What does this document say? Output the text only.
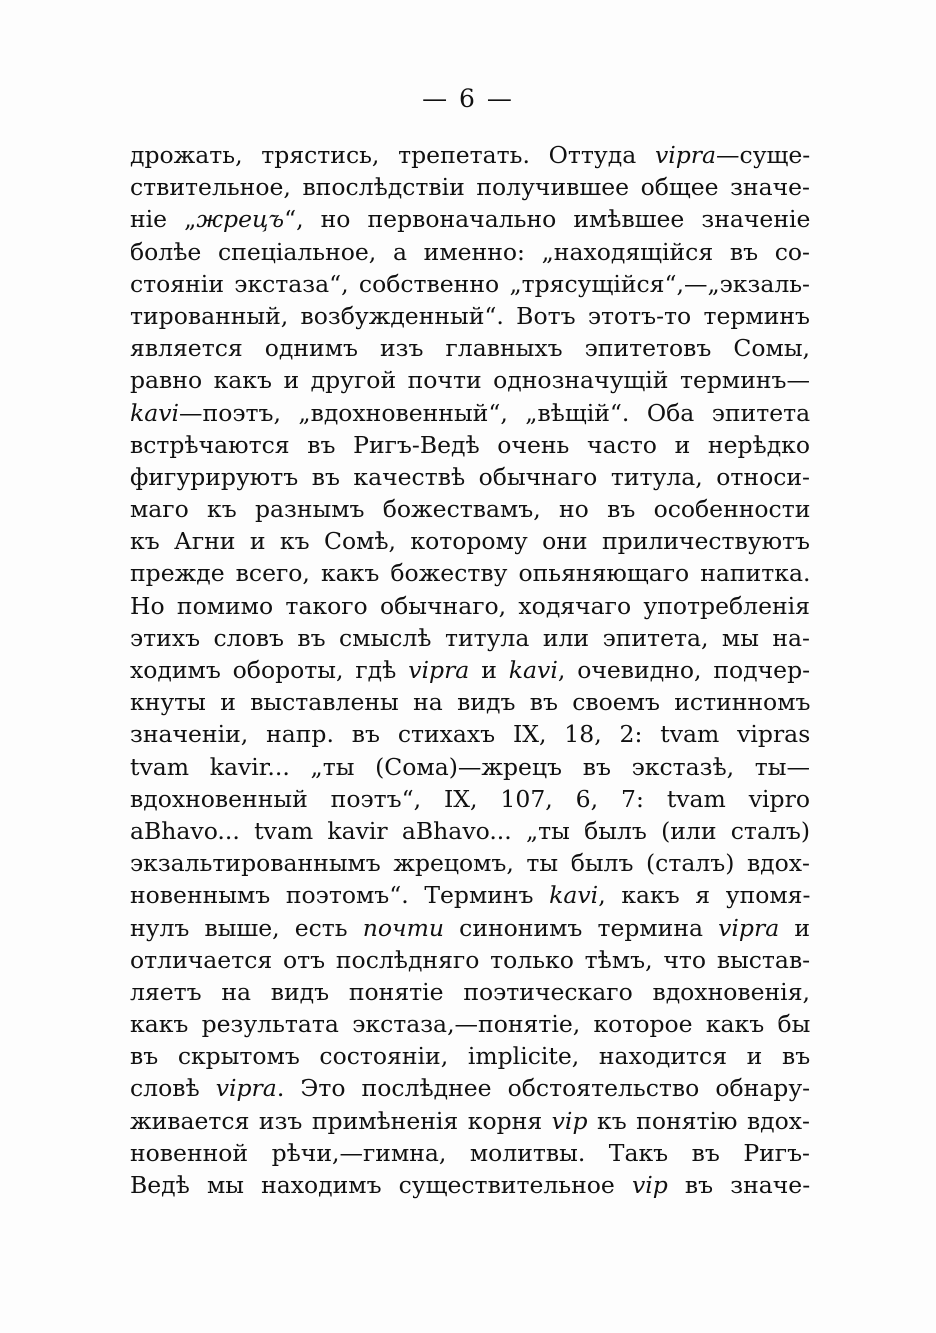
— 6 —
дрожать, трястись, трепетать. Оттуда vipra—суще-
ствительное, впослѣдствіи получившее общее значе-
ніе „жрецъ“, но первоначально имѣвшее значеніе
болѣе спеціальное, а именно: „находящійся въ со-
стояніи экстаза“, собственно „трясущійся“,—„экзаль-
тированный, возбужденный“. Вотъ этотъ-то терминъ
является однимъ изъ главныхъ эпитетовъ Сомы,
равно какъ и другой почти однозначущій терминъ—
kavi—поэтъ, „вдохновенный“, „вѣщій“. Оба эпитета
встрѣчаются въ Ригъ-Ведѣ очень часто и нерѣдко
фигурируютъ въ качествѣ обычнаго титула, относи-
маго къ разнымъ божествамъ, но въ особенности
къ Агни и къ Сомѣ, которому они приличествуютъ
прежде всего, какъ божеству опьяняющаго напитка.
Но помимо такого обычнаго, ходячаго употребленія
этихъ словъ въ смыслѣ титула или эпитета, мы на-
ходимъ обороты, гдѣ vipra и kavi, очевидно, подчер-
кнуты и выставлены на видъ въ своемъ истинномъ
значеніи, напр. въ стихахъ IX, 18, 2: tvam vipras
tvam kavir... „ты (Сома)—жрецъ въ экстазѣ, ты—
вдохновенный поэтъ“, IX, 107, 6, 7: tvam vipro
aВhavo... tvam kavir aВhavo... „ты былъ (или сталъ)
экзальтированнымъ жрецомъ, ты былъ (сталъ) вдох-
новеннымъ поэтомъ“. Терминъ kavi, какъ я упомя-
нулъ выше, есть почти синонимъ термина vipra и
отличается отъ послѣдняго только тѣмъ, что выстав-
ляетъ на видъ понятіе поэтическаго вдохновенія,
какъ результата экстаза,—понятіе, которое какъ бы
въ скрытомъ состояніи, implicite, находится и въ
словѣ vipra. Это послѣднее обстоятельство обнару-
живается изъ примѣненія корня vip къ понятію вдох-
новенной рѣчи,—гимна, молитвы. Такъ въ Ригъ-
Ведѣ мы находимъ существительное vip въ значе-
